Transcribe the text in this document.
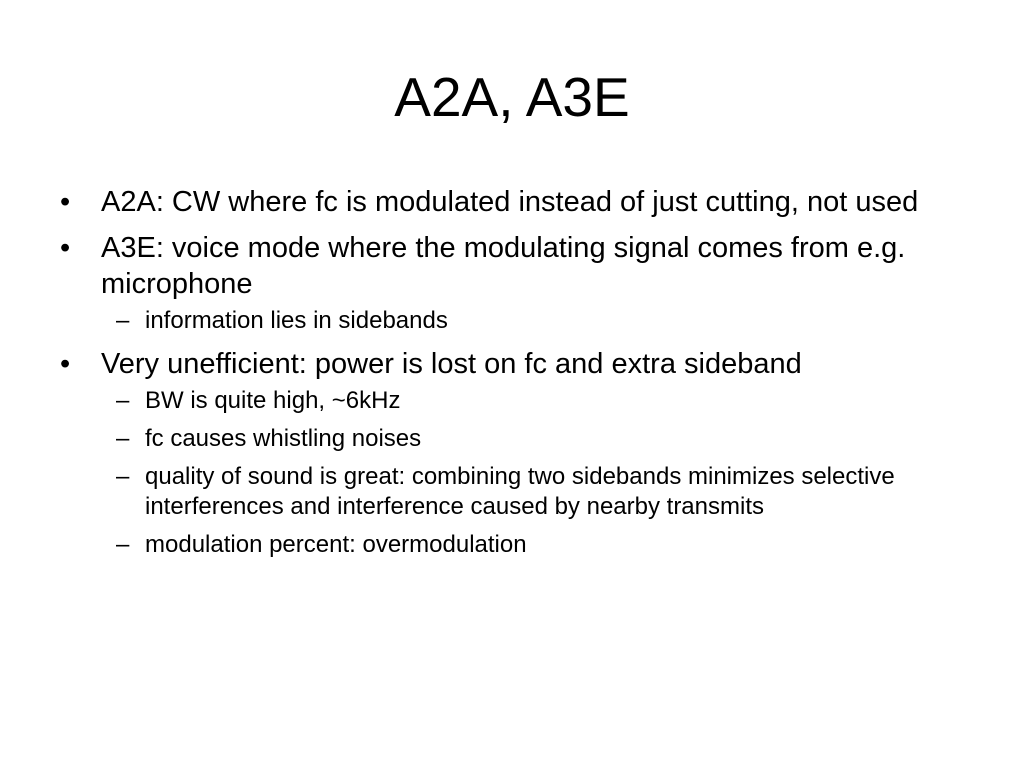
A2A, A3E
•	A2A: CW where fc is modulated instead of just cutting, not used
•	A3E: voice mode where the modulating signal comes from e.g. microphone
– information lies in sidebands
•	Very unefficient: power is lost on fc and extra sideband
– BW is quite high, ~6kHz
– fc causes whistling noises
– quality of sound is great: combining two sidebands minimizes selective interferences and interference caused by nearby transmits
– modulation percent: overmodulation
